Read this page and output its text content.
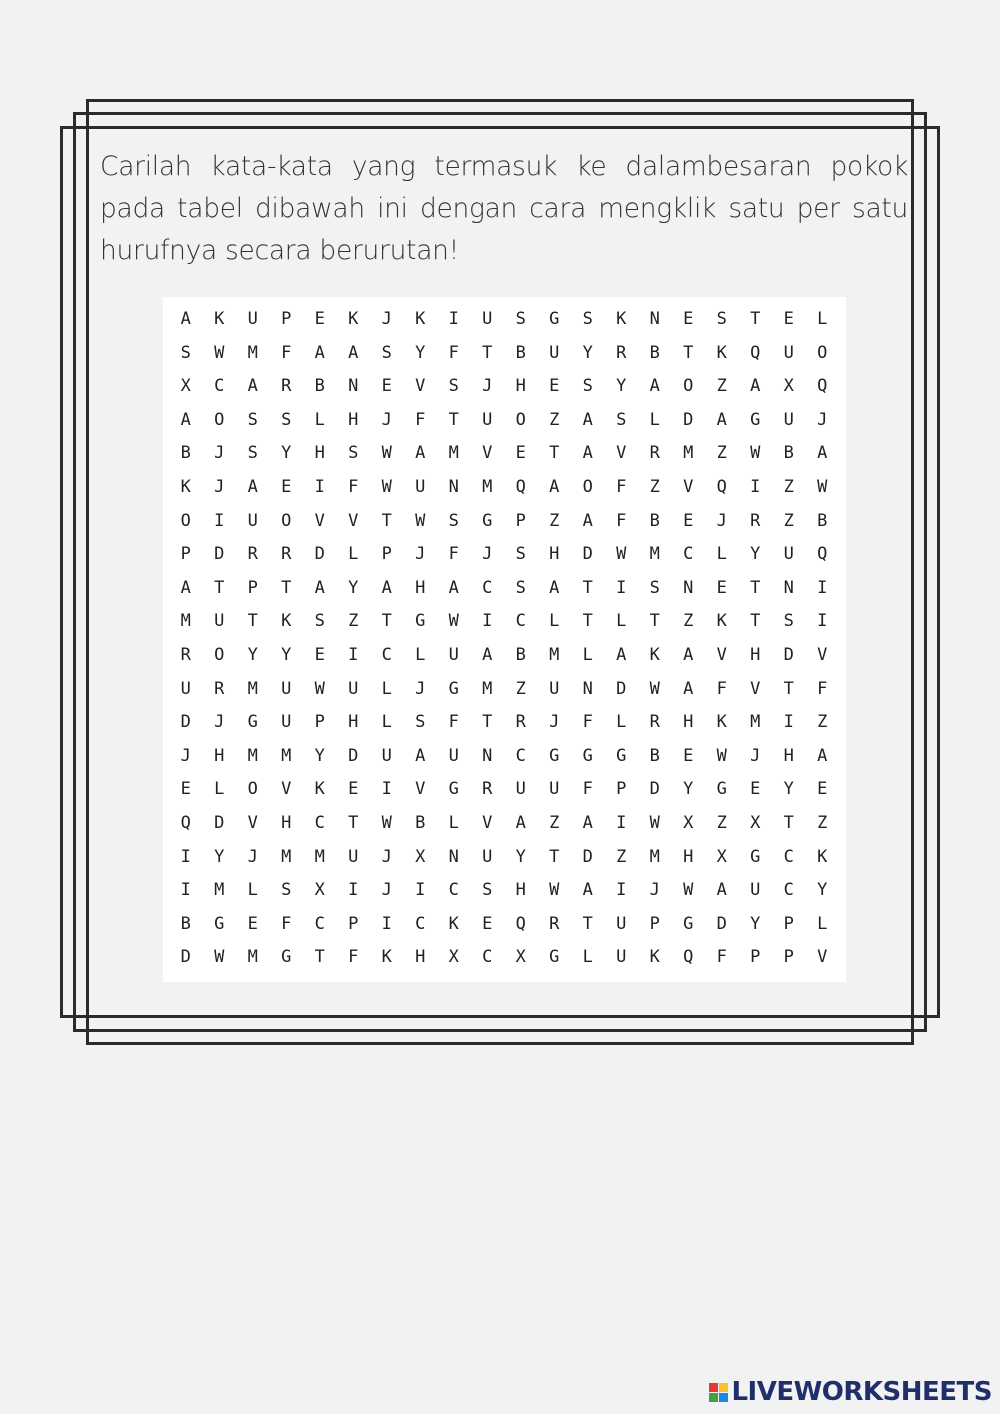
Carilah kata-kata yang termasuk ke dalambesaran pokok pada tabel dibawah ini dengan cara mengklik satu per satu hurufnya secara berurutan!

A	K	U	P	E	K	J	K	I	U	S	G	S	K	N	E	S	T	E	L
S	W	M	F	A	A	S	Y	F	T	B	U	Y	R	B	T	K	Q	U	O
X	C	A	R	B	N	E	V	S	J	H	E	S	Y	A	O	Z	A	X	Q
A	O	S	S	L	H	J	F	T	U	O	Z	A	S	L	D	A	G	U	J
B	J	S	Y	H	S	W	A	M	V	E	T	A	V	R	M	Z	W	B	A
K	J	A	E	I	F	W	U	N	M	Q	A	O	F	Z	V	Q	I	Z	W
O	I	U	O	V	V	T	W	S	G	P	Z	A	F	B	E	J	R	Z	B
P	D	R	R	D	L	P	J	F	J	S	H	D	W	M	C	L	Y	U	Q
A	T	P	T	A	Y	A	H	A	C	S	A	T	I	S	N	E	T	N	I
M	U	T	K	S	Z	T	G	W	I	C	L	T	L	T	Z	K	T	S	I
R	O	Y	Y	E	I	C	L	U	A	B	M	L	A	K	A	V	H	D	V
U	R	M	U	W	U	L	J	G	M	Z	U	N	D	W	A	F	V	T	F
D	J	G	U	P	H	L	S	F	T	R	J	F	L	R	H	K	M	I	Z
J	H	M	M	Y	D	U	A	U	N	C	G	G	G	B	E	W	J	H	A
E	L	O	V	K	E	I	V	G	R	U	U	F	P	D	Y	G	E	Y	E
Q	D	V	H	C	T	W	B	L	V	A	Z	A	I	W	X	Z	X	T	Z
I	Y	J	M	M	U	J	X	N	U	Y	T	D	Z	M	H	X	G	C	K
I	M	L	S	X	I	J	I	C	S	H	W	A	I	J	W	A	U	C	Y
B	G	E	F	C	P	I	C	K	E	Q	R	T	U	P	G	D	Y	P	L
D	W	M	G	T	F	K	H	X	C	X	G	L	U	K	Q	F	P	P	V
LIVEWORKSHEETS
